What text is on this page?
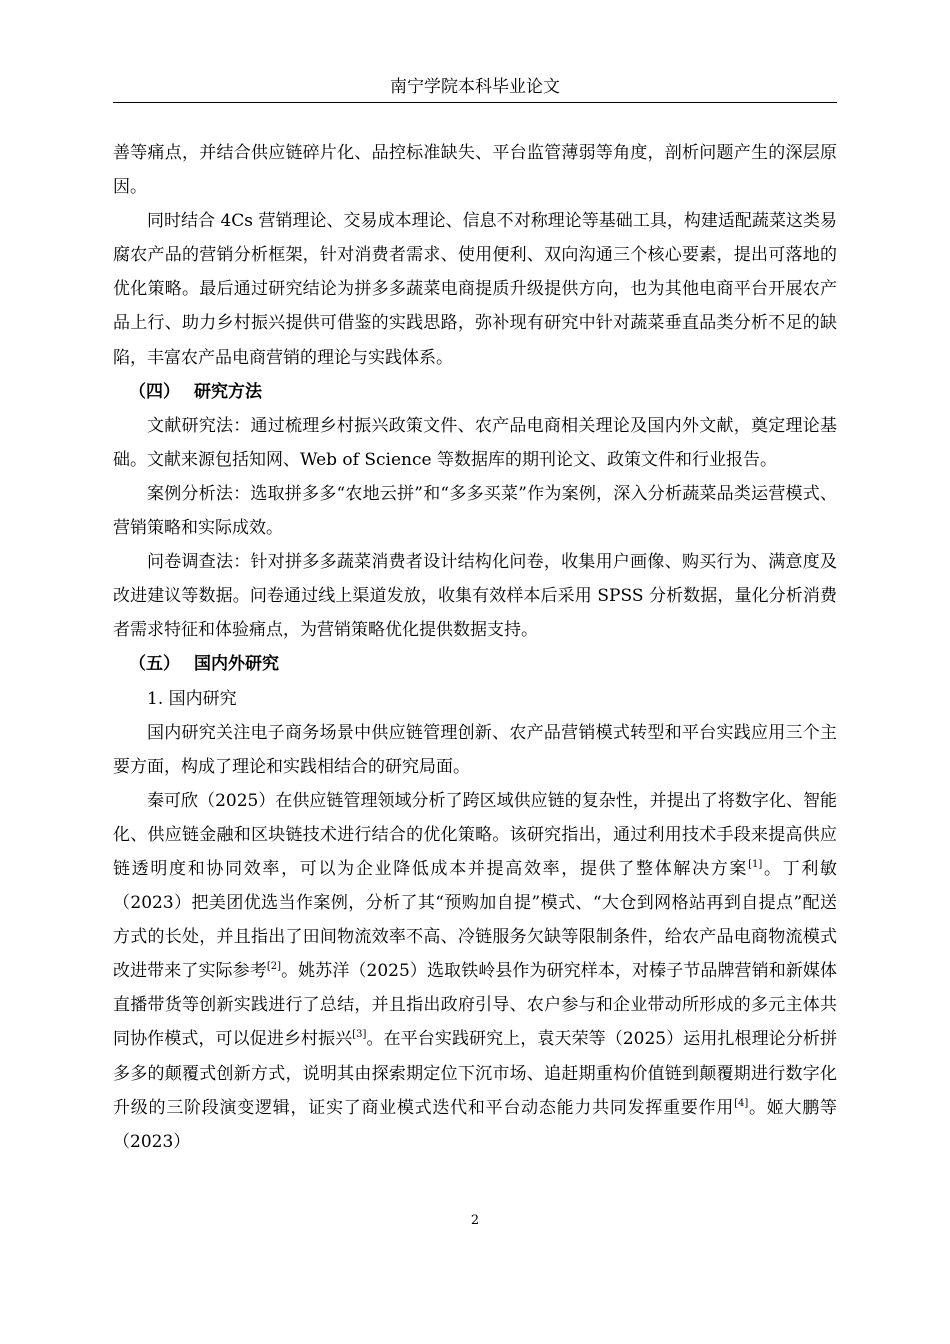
南宁学院本科毕业论文

善等痛点，并结合供应链碎片化、品控标准缺失、平台监管薄弱等角度，剖析问题产生的深层原因。

同时结合 4Cs 营销理论、交易成本理论、信息不对称理论等基础工具，构建适配蔬菜这类易腐农产品的营销分析框架，针对消费者需求、使用便利、双向沟通三个核心要素，提出可落地的优化策略。最后通过研究结论为拼多多蔬菜电商提质升级提供方向，也为其他电商平台开展农产品上行、助力乡村振兴提供可借鉴的实践思路，弥补现有研究中针对蔬菜垂直品类分析不足的缺陷，丰富农产品电商营销的理论与实践体系。

（四） 研究方法

文献研究法：通过梳理乡村振兴政策文件、农产品电商相关理论及国内外文献，奠定理论基础。文献来源包括知网、Web of Science 等数据库的期刊论文、政策文件和行业报告。

案例分析法：选取拼多多“农地云拼”和“多多买菜”作为案例，深入分析蔬菜品类运营模式、营销策略和实际成效。

问卷调查法：针对拼多多蔬菜消费者设计结构化问卷，收集用户画像、购买行为、满意度及改进建议等数据。问卷通过线上渠道发放，收集有效样本后采用 SPSS 分析数据，量化分析消费者需求特征和体验痛点，为营销策略优化提供数据支持。

（五） 国内外研究

1. 国内研究

国内研究关注电子商务场景中供应链管理创新、农产品营销模式转型和平台实践应用三个主要方面，构成了理论和实践相结合的研究局面。

秦可欣（2025）在供应链管理领域分析了跨区域供应链的复杂性，并提出了将数字化、智能化、供应链金融和区块链技术进行结合的优化策略。该研究指出，通过利用技术手段来提高供应链透明度和协同效率，可以为企业降低成本并提高效率，提供了整体解决方案[1]。丁利敏（2023）把美团优选当作案例，分析了其“预购加自提”模式、“大仓到网格站再到自提点”配送方式的长处，并且指出了田间物流效率不高、冷链服务欠缺等限制条件，给农产品电商物流模式改进带来了实际参考[2]。姚苏洋（2025）选取铁岭县作为研究样本，对榛子节品牌营销和新媒体直播带货等创新实践进行了总结，并且指出政府引导、农户参与和企业带动所形成的多元主体共同协作模式，可以促进乡村振兴[3]。在平台实践研究上，袁天荣等（2025）运用扎根理论分析拼多多的颠覆式创新方式，说明其由探索期定位下沉市场、追赶期重构价值链到颠覆期进行数字化升级的三阶段演变逻辑，证实了商业模式迭代和平台动态能力共同发挥重要作用[4]。姬大鹏等（2023）

2
